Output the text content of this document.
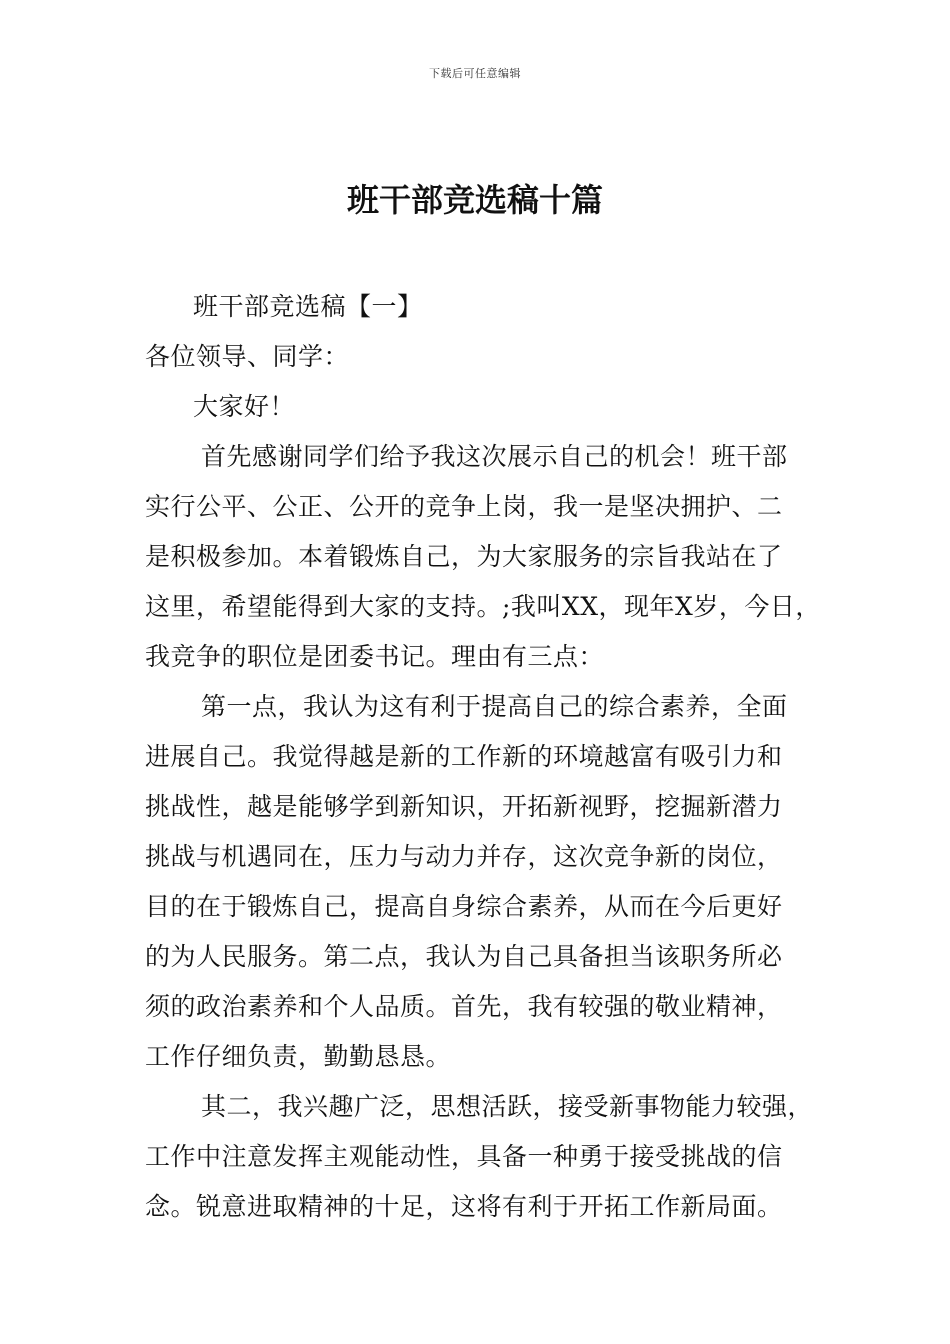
下载后可任意编辑
班干部竞选稿十篇

班干部竞选稿【一】

各位领导、同学：

大家好！

首先感谢同学们给予我这次展示自己的机会！班干部

实行公平、公正、公开的竞争上岗，我一是坚决拥护、二

是积极参加。本着锻炼自己，为大家服务的宗旨我站在了

这里，希望能得到大家的支持。;我叫XX，现年X岁，今日，

我竞争的职位是团委书记。理由有三点：

第一点，我认为这有利于提高自己的综合素养，全面

进展自己。我觉得越是新的工作新的环境越富有吸引力和

挑战性，越是能够学到新知识，开拓新视野，挖掘新潜力

挑战与机遇同在，压力与动力并存，这次竞争新的岗位，

目的在于锻炼自己，提高自身综合素养，从而在今后更好

的为人民服务。第二点，我认为自己具备担当该职务所必

须的政治素养和个人品质。首先，我有较强的敬业精神，

工作仔细负责，勤勤恳恳。

其二，我兴趣广泛，思想活跃，接受新事物能力较强，

工作中注意发挥主观能动性，具备一种勇于接受挑战的信

念。锐意进取精神的十足，这将有利于开拓工作新局面。
